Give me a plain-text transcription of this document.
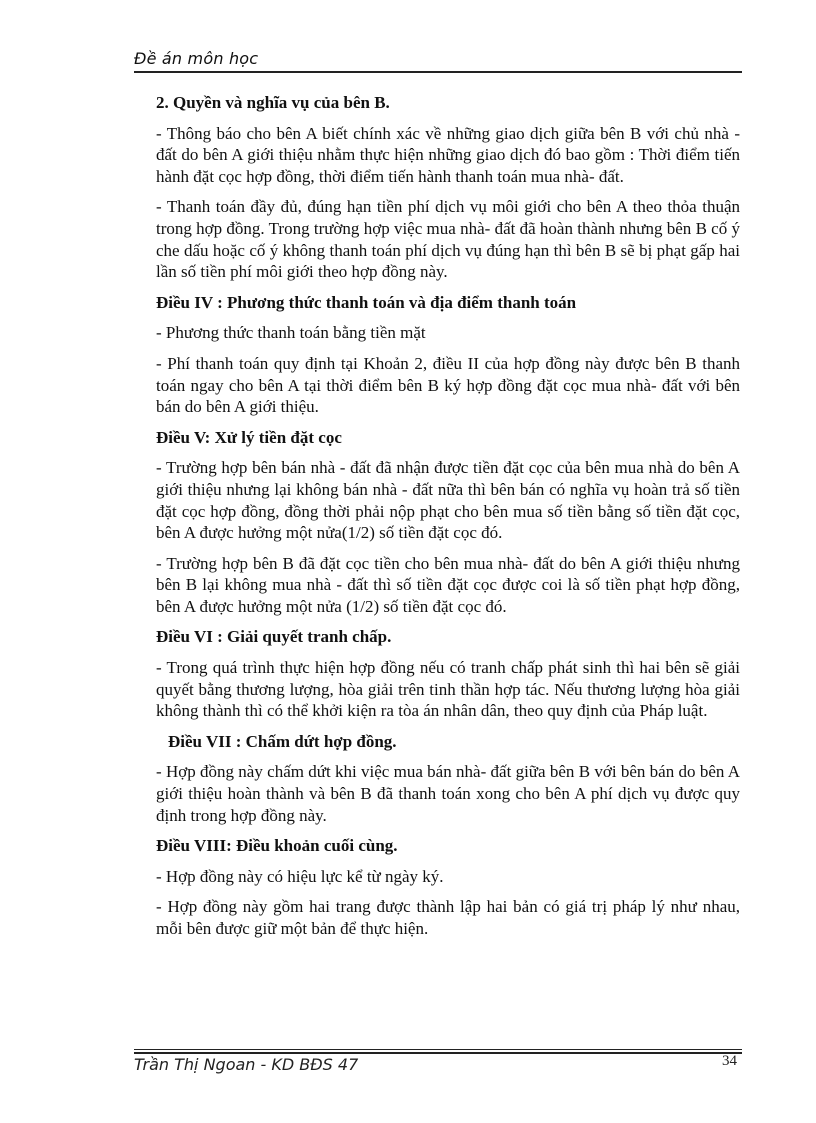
Đề án môn học

2. Quyền và nghĩa vụ của bên B.

- Thông báo cho bên A biết chính xác về những giao dịch giữa bên B với chủ nhà - đất do bên A giới thiệu nhằm thực hiện những giao dịch đó bao gồm : Thời điểm tiến hành đặt cọc hợp đồng, thời điểm tiến hành thanh toán mua nhà- đất.

- Thanh toán đầy đủ, đúng hạn tiền phí dịch vụ môi giới cho bên A theo thỏa thuận trong hợp đồng. Trong trường hợp việc mua nhà- đất đã hoàn thành nhưng bên B cố ý che dấu hoặc cố ý không thanh toán phí dịch vụ đúng hạn thì bên B sẽ bị phạt gấp hai lần số tiền phí môi giới theo hợp đồng này.

Điều IV : Phương thức thanh toán và địa điểm thanh toán

- Phương thức thanh toán bằng tiền mặt

- Phí thanh toán quy định tại Khoản 2, điều II của hợp đồng này được bên B thanh toán ngay cho bên A tại thời điểm bên B ký hợp đồng đặt cọc mua nhà- đất với bên bán do bên A giới thiệu.

Điều V: Xử lý tiền đặt cọc

- Trường hợp bên bán nhà - đất đã nhận được tiền đặt cọc của bên mua nhà do bên A giới thiệu nhưng lại không bán nhà - đất nữa thì bên bán có nghĩa vụ hoàn trả số tiền đặt cọc hợp đồng, đồng thời phải nộp phạt cho bên mua số tiền bằng số tiền đặt cọc, bên A được hưởng một nửa(1/2) số tiền đặt cọc đó.

- Trường hợp bên B đã đặt cọc tiền cho bên mua nhà- đất do bên A giới thiệu nhưng bên B lại không mua nhà - đất thì số tiền đặt cọc được coi là số tiền phạt hợp đồng, bên A được hưởng một nửa (1/2) số tiền đặt cọc đó.

Điều VI : Giải quyết tranh chấp.

- Trong quá trình thực hiện hợp đồng nếu có tranh chấp phát sinh thì hai bên sẽ giải quyết bằng thương lượng, hòa giải trên tinh thần hợp tác. Nếu thương lượng hòa giải không thành thì có thể khởi kiện ra tòa án nhân dân, theo quy định của Pháp luật.

Điều VII : Chấm dứt hợp đồng.

- Hợp đồng này chấm dứt khi việc mua bán nhà- đất giữa bên B với bên bán do bên A giới thiệu hoàn thành và bên B đã thanh toán xong cho bên A phí dịch vụ được quy định trong hợp đồng này.

Điều VIII: Điều khoản cuối cùng.

- Hợp đồng này có hiệu lực kể từ ngày ký.

- Hợp đồng này gồm hai trang được thành lập hai bản có giá trị pháp lý như nhau, mỗi bên được giữ một bản để thực hiện.

Trần Thị Ngoan - KD BĐS 47	34
